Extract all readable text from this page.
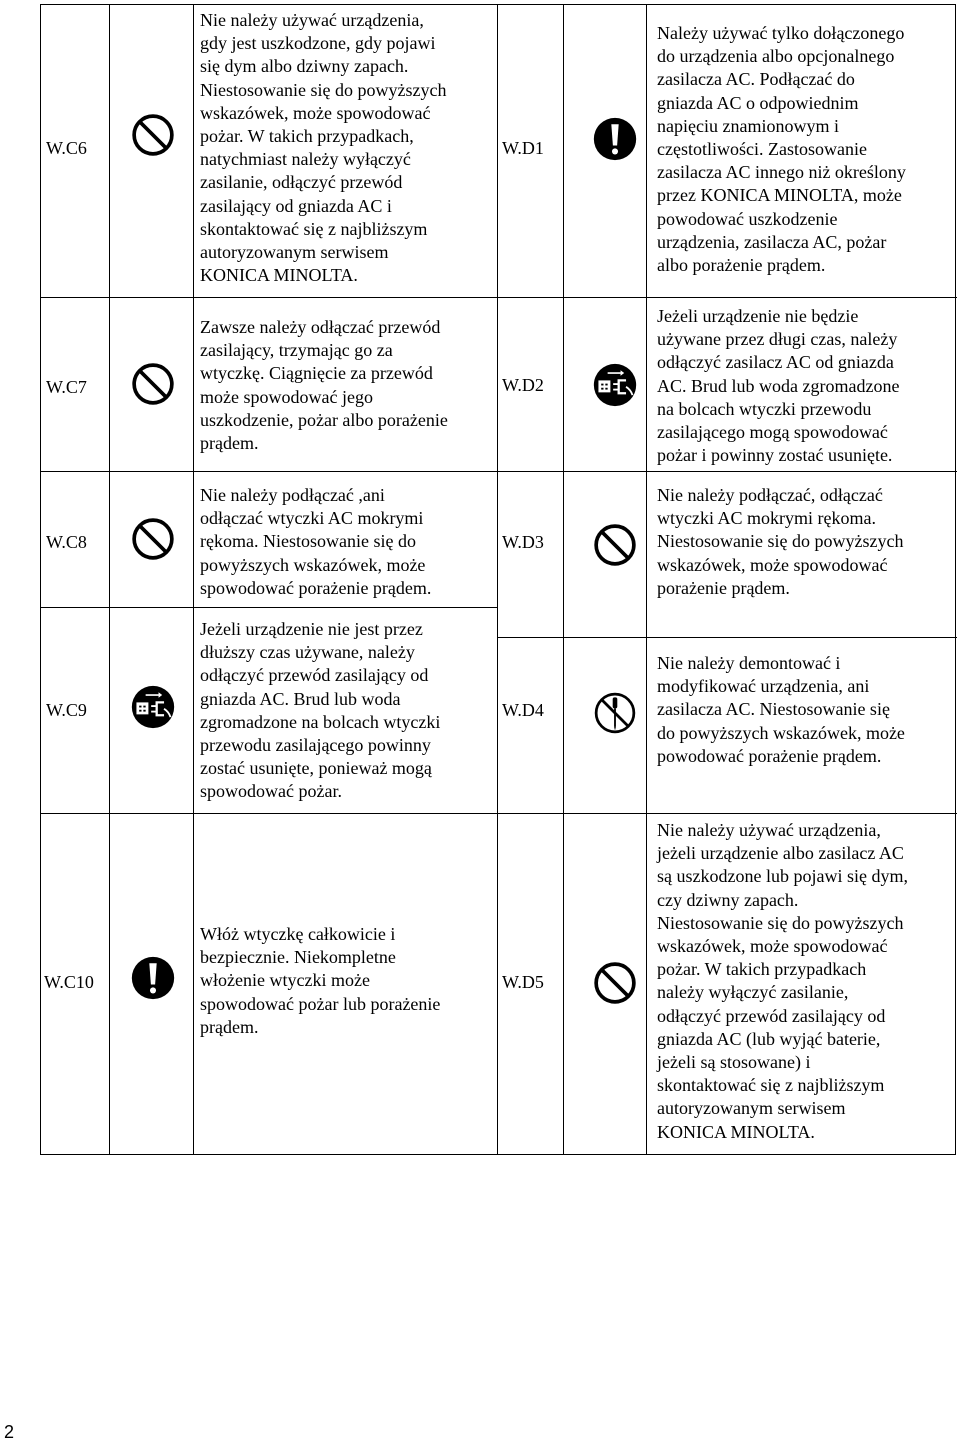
W.C6

Nie należy używać urządzenia,
gdy jest uszkodzone, gdy pojawi
się dym albo dziwny zapach.
Niestosowanie się do powyższych
wskazówek, może spowodować
pożar. W takich przypadkach,
natychmiast należy wyłączyć
zasilanie, odłączyć przewód
zasilający od gniazda AC i
skontaktować się z najbliższym
autoryzowanym serwisem
KONICA MINOLTA.

W.C7

Zawsze należy odłączać przewód
zasilający, trzymając go za
wtyczkę. Ciągnięcie za przewód
może spowodować jego
uszkodzenie, pożar albo porażenie
prądem.

W.C8

Nie należy podłączać ,ani
odłączać wtyczki AC mokrymi
rękoma. Niestosowanie się do
powyższych wskazówek, może
spowodować porażenie prądem.

W.C9

Jeżeli urządzenie nie jest przez
dłuższy czas używane, należy
odłączyć przewód zasilający od
gniazda AC. Brud lub woda
zgromadzone na bolcach wtyczki
przewodu zasilającego powinny
zostać usunięte, ponieważ mogą
spowodować pożar.

W.C10

Włóż wtyczkę całkowicie i
bezpiecznie. Niekompletne
włożenie wtyczki może
spowodować pożar lub porażenie
prądem.

W.D1

Należy używać tylko dołączonego
do urządzenia albo opcjonalnego
zasilacza AC. Podłączać do
gniazda AC o odpowiednim
napięciu znamionowym i
częstotliwości. Zastosowanie
zasilacza AC innego niż określony
przez KONICA MINOLTA, może
powodować uszkodzenie
urządzenia, zasilacza AC, pożar
albo porażenie prądem.

W.D2

Jeżeli urządzenie nie będzie
używane przez długi czas, należy
odłączyć zasilacz AC od gniazda
AC. Brud lub woda zgromadzone
na bolcach wtyczki przewodu
zasilającego mogą spowodować
pożar i powinny zostać usunięte.

W.D3

Nie należy podłączać, odłączać
wtyczki AC mokrymi rękoma.
Niestosowanie się do powyższych
wskazówek, może spowodować
porażenie prądem.

W.D4

Nie należy demontować i
modyfikować urządzenia, ani
zasilacza AC. Niestosowanie się
do powyższych wskazówek, może
powodować porażenie prądem.

W.D5

Nie należy używać urządzenia,
jeżeli urządzenie albo zasilacz AC
są uszkodzone lub pojawi się dym,
czy dziwny zapach.
Niestosowanie się do powyższych
wskazówek, może spowodować
pożar. W takich przypadkach
należy wyłączyć zasilanie,
odłączyć przewód zasilający od
gniazda AC (lub wyjąć baterie,
jeżeli są stosowane) i
skontaktować się z najbliższym
autoryzowanym serwisem
KONICA MINOLTA.

2
